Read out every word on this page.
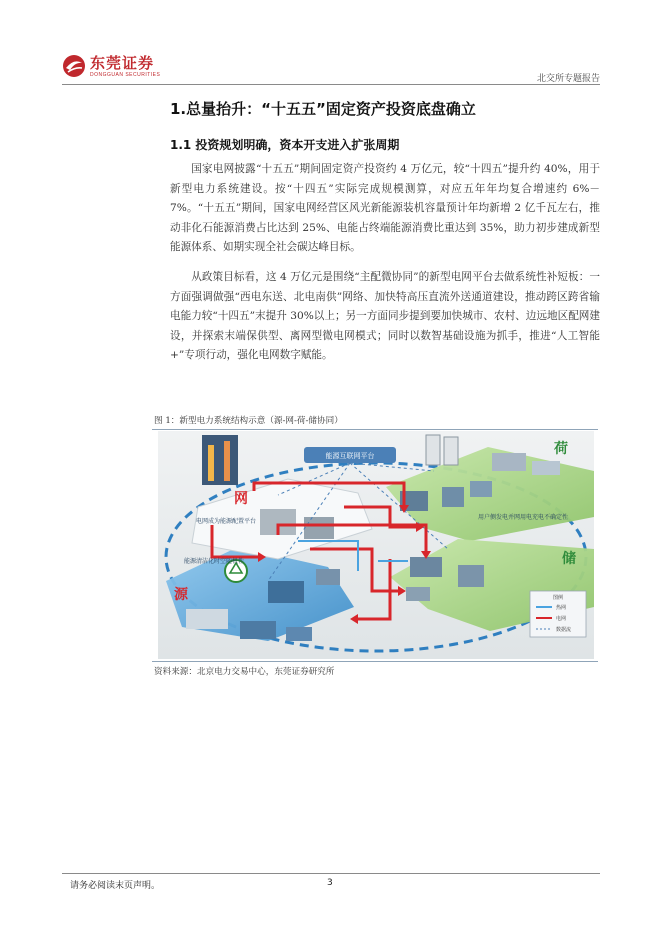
东莞证券
DONGGUAN SECURITIES	北交所专题报告
1.总量抬升：“十五五”固定资产投资底盘确立
1.1 投资规划明确，资本开支进入扩张周期

国家电网披露“十五五”期间固定资产投资约 4 万亿元，较“十四五”提升约 40%，用于新型电力系统建设。按“十四五”实际完成规模测算，对应五年年均复合增速约 6%－7%。“十五五”期间，国家电网经营区风光新能源装机容量预计年均新增 2 亿千瓦左右，推动非化石能源消费占比达到 25%、电能占终端能源消费比重达到 35%，助力初步建成新型能源体系、如期实现全社会碳达峰目标。

从政策目标看，这 4 万亿元是围绕“主配微协同”的新型电网平台去做系统性补短板：一方面强调做强“西电东送、北电南供”网络、加快特高压直流外送通道建设，推动跨区跨省输电能力较“十四五”末提升 30%以上；另一方面同步提到要加快城市、农村、边远地区配网建设，并探索末端保供型、离网型微电网模式；同时以数智基础设施为抓手，推进“人工智能+”专项行动，强化电网数字赋能。

图 1：新型电力系统结构示意（源-网-荷-储协同）
能源互联网平台
网
荷
储
源
电网成为能源配置平台
用户侧发电并网用电充电不确定性
能源清洁化时空随机性
图例
热网
电网
数据流
资料来源：北京电力交易中心，东莞证券研究所
请务必阅读末页声明。	3
